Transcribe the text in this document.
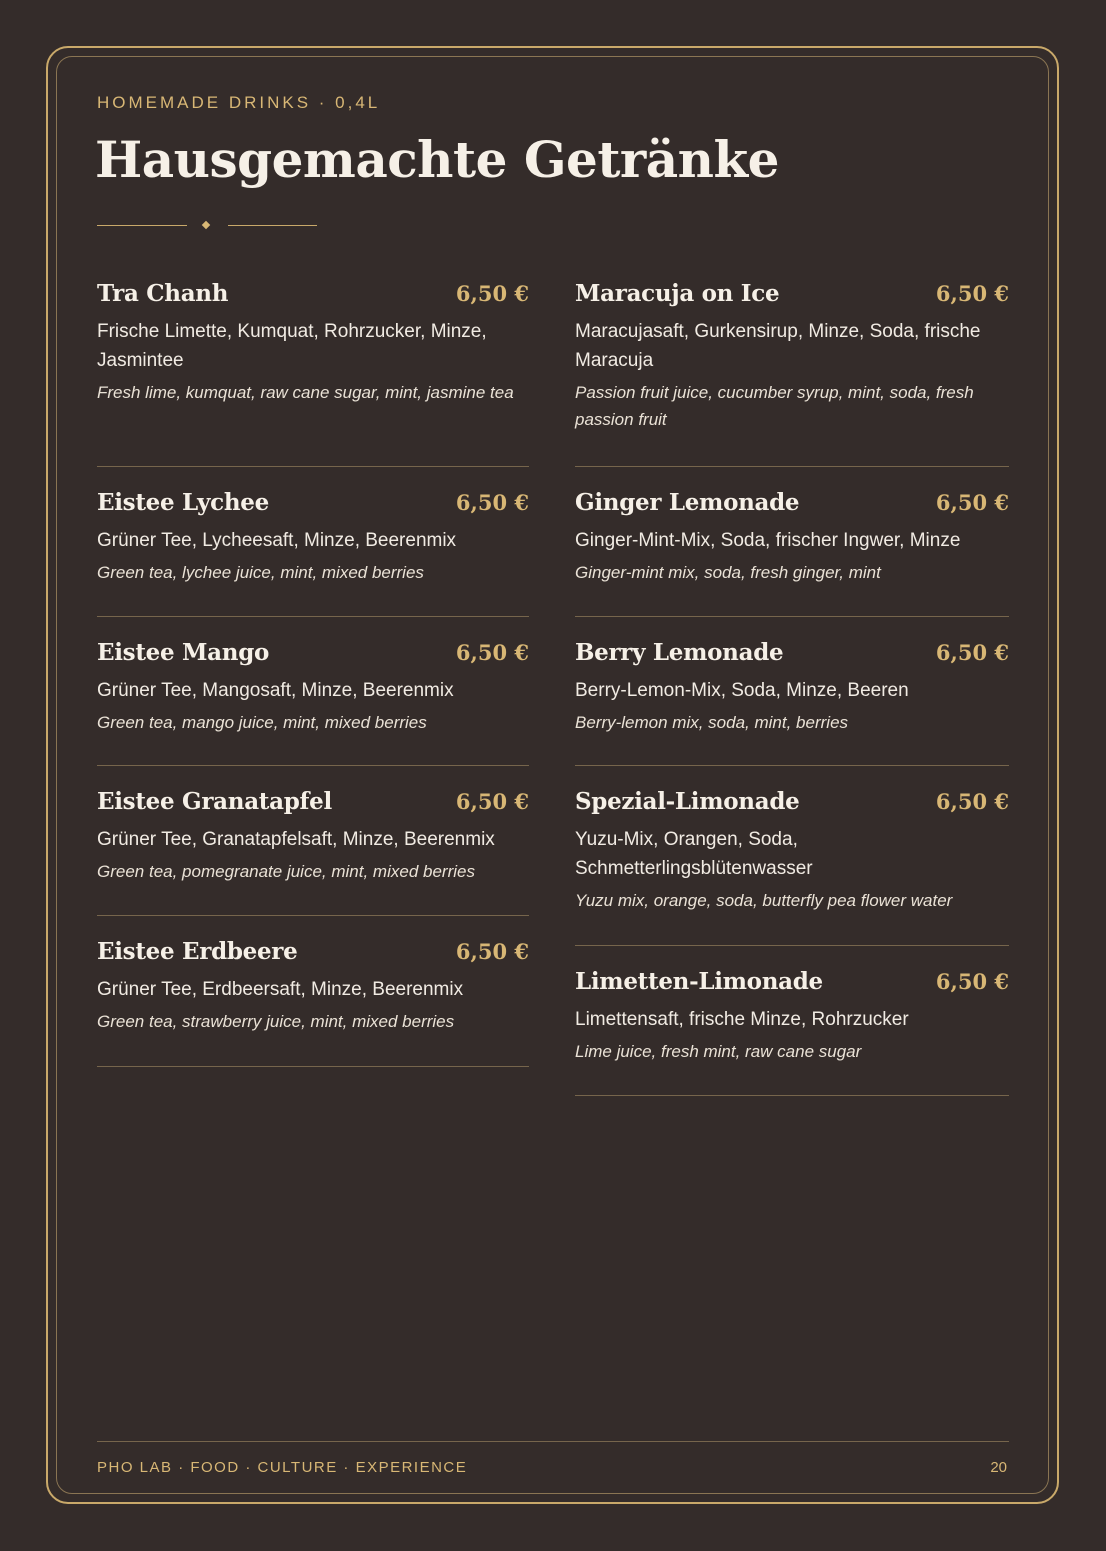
HOMEMADE DRINKS · 0,4L
Hausgemachte Getränke
Tra Chanh	6,50 €
Frische Limette, Kumquat, Rohrzucker, Minze, Jasmintee
Fresh lime, kumquat, raw cane sugar, mint, jasmine tea
Eistee Lychee	6,50 €
Grüner Tee, Lycheesaft, Minze, Beerenmix
Green tea, lychee juice, mint, mixed berries
Eistee Mango	6,50 €
Grüner Tee, Mangosaft, Minze, Beerenmix
Green tea, mango juice, mint, mixed berries
Eistee Granatapfel	6,50 €
Grüner Tee, Granatapfelsaft, Minze, Beerenmix
Green tea, pomegranate juice, mint, mixed berries
Eistee Erdbeere	6,50 €
Grüner Tee, Erdbeersaft, Minze, Beerenmix
Green tea, strawberry juice, mint, mixed berries
Maracuja on Ice	6,50 €
Maracujasaft, Gurkensirup, Minze, Soda, frische Maracuja
Passion fruit juice, cucumber syrup, mint, soda, fresh passion fruit
Ginger Lemonade	6,50 €
Ginger-Mint-Mix, Soda, frischer Ingwer, Minze
Ginger-mint mix, soda, fresh ginger, mint
Berry Lemonade	6,50 €
Berry-Lemon-Mix, Soda, Minze, Beeren
Berry-lemon mix, soda, mint, berries
Spezial-Limonade	6,50 €
Yuzu-Mix, Orangen, Soda, Schmetterlingsblütenwasser
Yuzu mix, orange, soda, butterfly pea flower water
Limetten-Limonade	6,50 €
Limettensaft, frische Minze, Rohrzucker
Lime juice, fresh mint, raw cane sugar
PHO LAB · FOOD · CULTURE · EXPERIENCE	20
